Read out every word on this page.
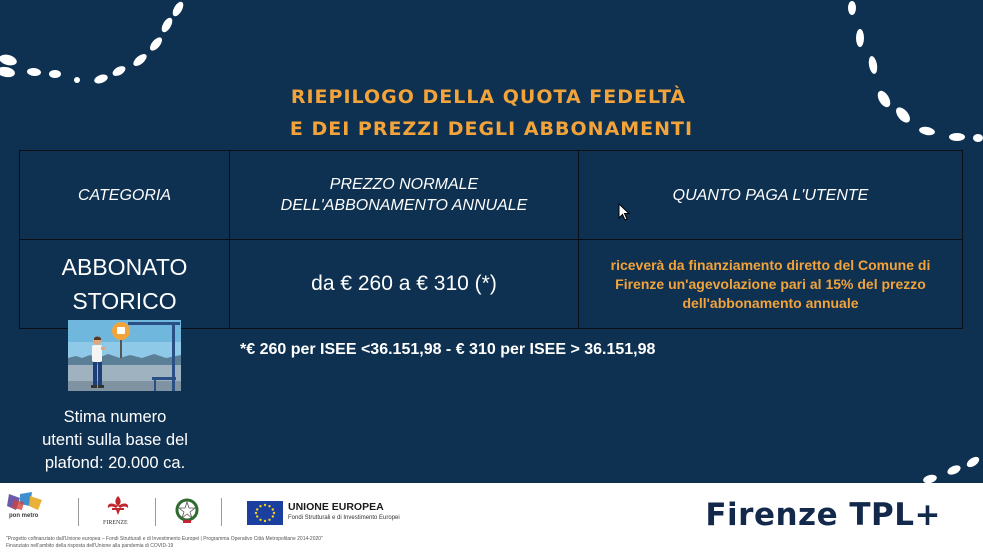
RIEPILOGO DELLA QUOTA FEDELTÀ
E DEI PREZZI DEGLI ABBONAMENTI
CATEGORIA	PREZZO NORMALE DELL'ABBONAMENTO ANNUALE	QUANTO PAGA L'UTENTE

ABBONATO
STORICO	da € 260 a € 310 (*)	riceverà da finanziamento diretto del Comune di Firenze un'agevolazione pari al 15% del prezzo dell'abbonamento annuale
*€ 260 per ISEE <36.151,98 - € 310 per ISEE > 36.151,98
Stima numero
utenti sulla base del
plafond: 20.000 ca.
pon metro
FIRENZE
UNIONE EUROPEA
Fondi Strutturali e di Investimento Europei
"Progetto cofinanziato dall'Unione europea – Fondi Strutturali e di Investimento Europei | Programma Operativo Città Metropolitane 2014-2020"
Finanziato nell'ambito della risposta dell'Unione alla pandemia di COVID-19
Firenze TPL+
